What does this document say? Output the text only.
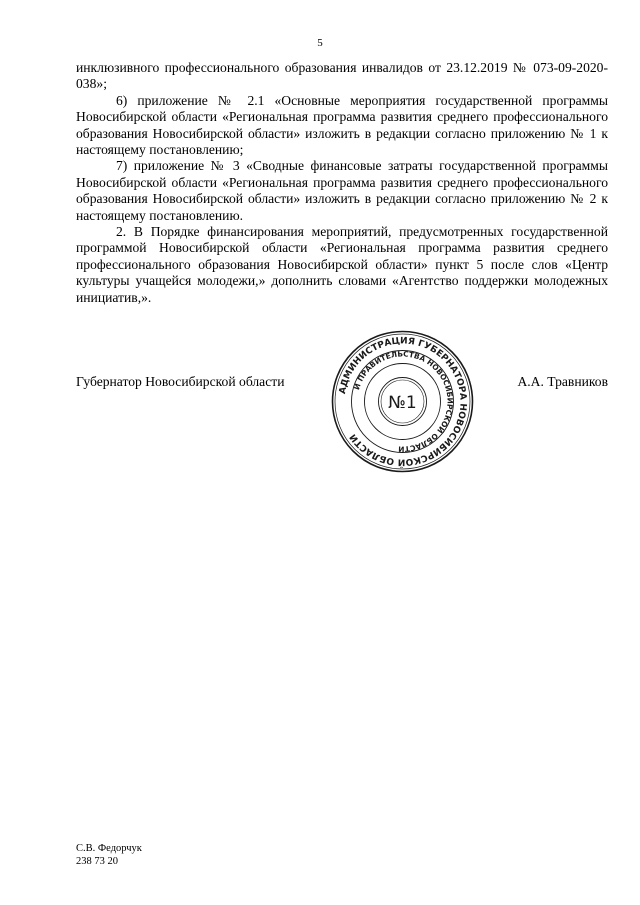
5

инклюзивного профессионального образования инвалидов от 23.12.2019 № 073-09-2020-038»;

6) приложение № 2.1 «Основные мероприятия государственной программы Новосибирской области «Региональная программа развития среднего профессионального образования Новосибирской области» изложить в редакции согласно приложению № 1 к настоящему постановлению;

7) приложение № 3 «Сводные финансовые затраты государственной программы Новосибирской области «Региональная программа развития среднего профессионального образования Новосибирской области» изложить в редакции согласно приложению № 2 к настоящему постановлению.

2. В Порядке финансирования мероприятий, предусмотренных государственной программой Новосибирской области «Региональная программа развития среднего профессионального образования Новосибирской области» пункт 5 после слов «Центр культуры учащейся молодежи,» дополнить словами «Агентство поддержки молодежных инициатив,».

Губернатор Новосибирской области	А.А. Травников
АДМИНИСТРАЦИЯ ГУБЕРНАТОРА НОВОСИБИРСКОЙ ОБЛАСТИ
И ПРАВИТЕЛЬСТВА НОВОСИБИРСКОЙ ОБЛАСТИ
№1
С.В. Федорчук
238 73 20
